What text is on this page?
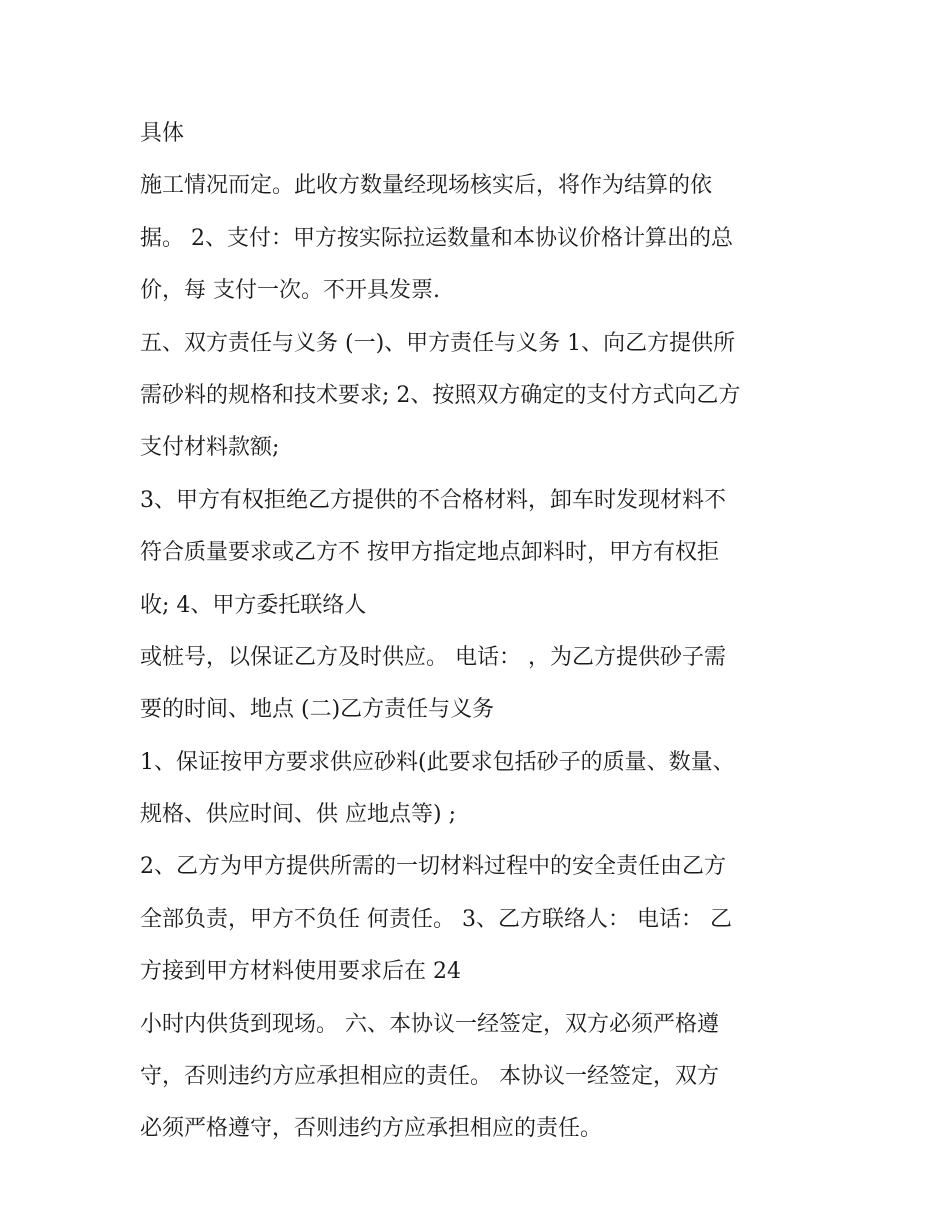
具体
施工情况而定。此收方数量经现场核实后，将作为结算的依
据。 2、支付：甲方按实际拉运数量和本协议价格计算出的总
价，每 支付一次。不开具发票.
五、双方责任与义务 (一)、甲方责任与义务 1、向乙方提供所
需砂料的规格和技术要求; 2、按照双方确定的支付方式向乙方
支付材料款额;
3、甲方有权拒绝乙方提供的不合格材料，卸车时发现材料不
符合质量要求或乙方不 按甲方指定地点卸料时，甲方有权拒
收; 4、甲方委托联络人
或桩号，以保证乙方及时供应。 电话： ，为乙方提供砂子需
要的时间、地点 (二)乙方责任与义务
1、保证按甲方要求供应砂料(此要求包括砂子的质量、数量、
规格、供应时间、供 应地点等) ;
2、乙方为甲方提供所需的一切材料过程中的安全责任由乙方
全部负责，甲方不负任 何责任。 3、乙方联络人： 电话： 乙
方接到甲方材料使用要求后在 24
小时内供货到现场。 六、本协议一经签定，双方必须严格遵
守，否则违约方应承担相应的责任。 本协议一经签定，双方
必须严格遵守，否则违约方应承担相应的责任。
